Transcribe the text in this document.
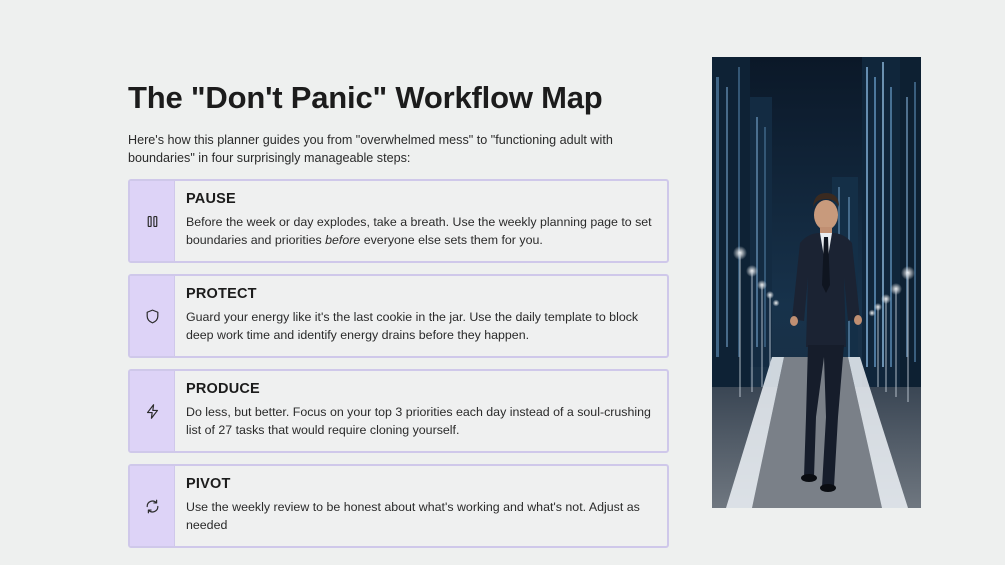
The "Don't Panic" Workflow Map

Here's how this planner guides you from "overwhelmed mess" to "functioning adult with boundaries" in four surprisingly manageable steps:

PAUSE

Before the week or day explodes, take a breath. Use the weekly planning page to set boundaries and priorities before everyone else sets them for you.

PROTECT

Guard your energy like it's the last cookie in the jar. Use the daily template to block deep work time and identify energy drains before they happen.

PRODUCE

Do less, but better. Focus on your top 3 priorities each day instead of a soul-crushing list of 27 tasks that would require cloning yourself.

PIVOT

Use the weekly review to be honest about what's working and what's not. Adjust as needed
